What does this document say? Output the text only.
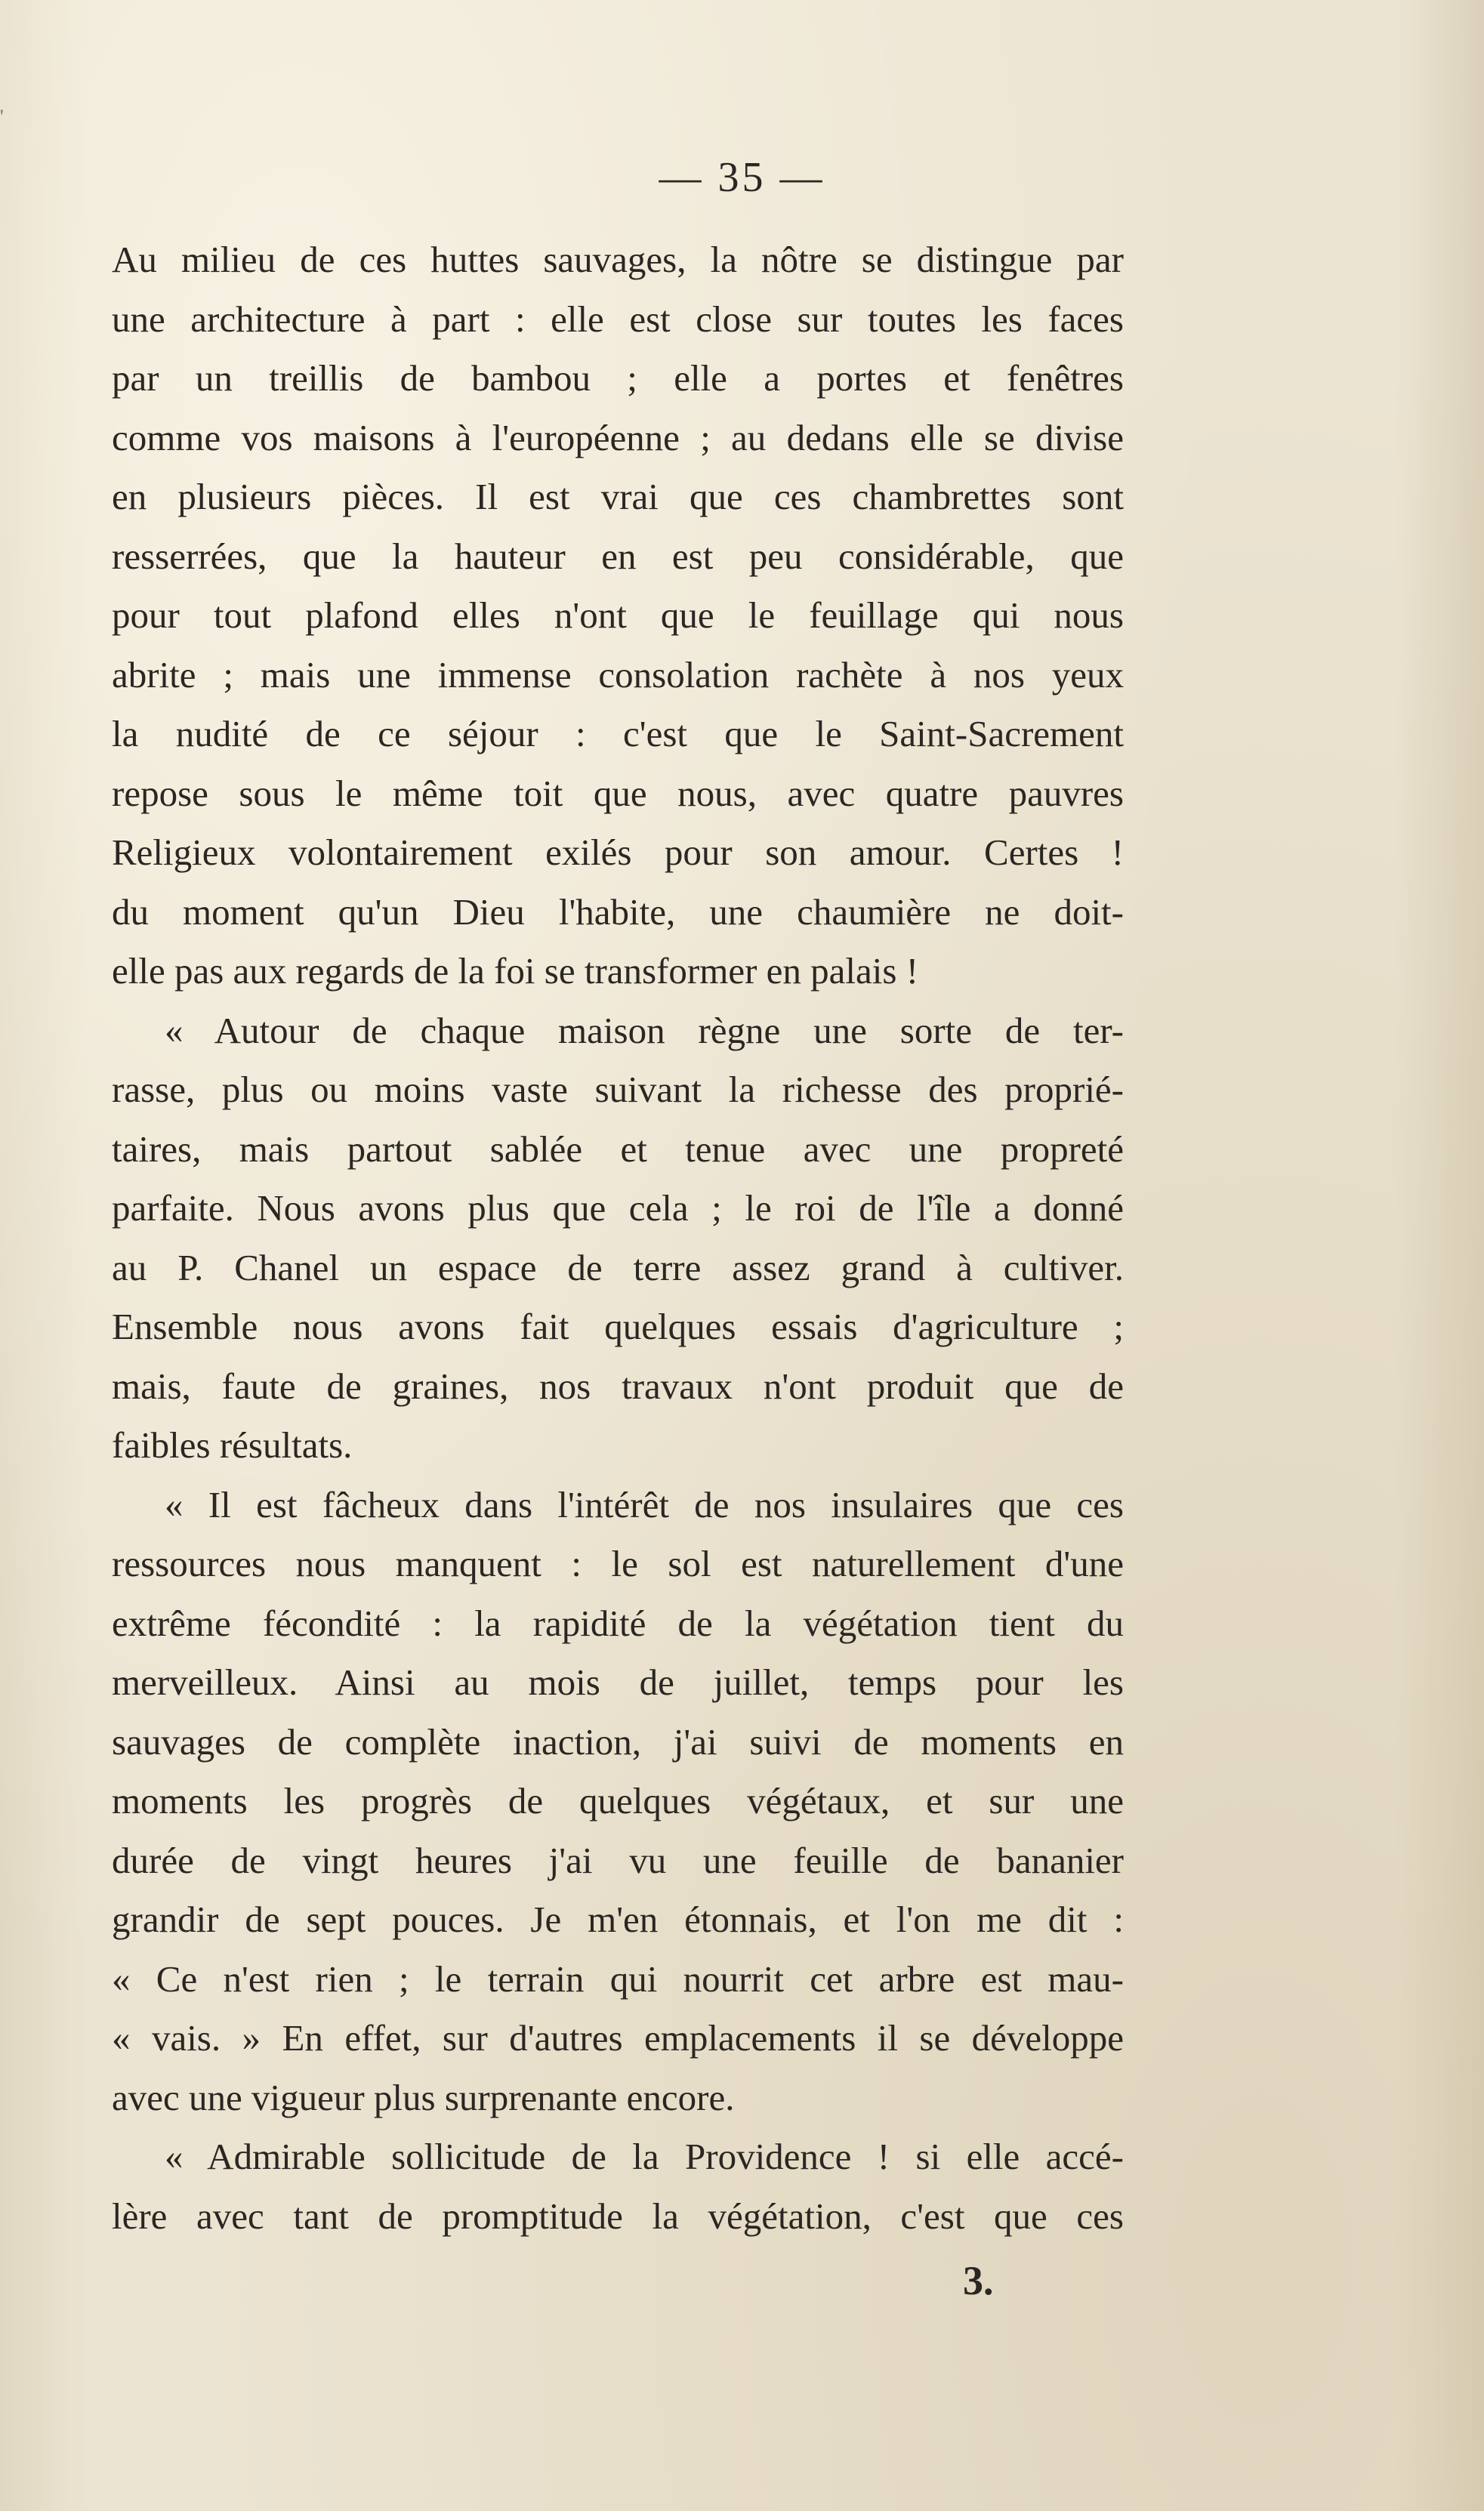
'
— 35 —
Au milieu de ces huttes sauvages, la nôtre se distingue par
une architecture à part : elle est close sur toutes les faces
par un treillis de bambou ; elle a portes et fenêtres
comme vos maisons à l'européenne ; au dedans elle se divise
en plusieurs pièces. Il est vrai que ces chambrettes sont
resserrées, que la hauteur en est peu considérable, que
pour tout plafond elles n'ont que le feuillage qui nous
abrite ; mais une immense consolation rachète à nos yeux
la nudité de ce séjour : c'est que le Saint-Sacrement
repose sous le même toit que nous, avec quatre pauvres
Religieux volontairement exilés pour son amour. Certes !
du moment qu'un Dieu l'habite, une chaumière ne doit-
elle pas aux regards de la foi se transformer en palais !
« Autour de chaque maison règne une sorte de ter-
rasse, plus ou moins vaste suivant la richesse des proprié-
taires, mais partout sablée et tenue avec une propreté
parfaite. Nous avons plus que cela ; le roi de l'île a donné
au P. Chanel un espace de terre assez grand à cultiver.
Ensemble nous avons fait quelques essais d'agriculture ;
mais, faute de graines, nos travaux n'ont produit que de
faibles résultats.
« Il est fâcheux dans l'intérêt de nos insulaires que ces
ressources nous manquent : le sol est naturellement d'une
extrême fécondité : la rapidité de la végétation tient du
merveilleux. Ainsi au mois de juillet, temps pour les
sauvages de complète inaction, j'ai suivi de moments en
moments les progrès de quelques végétaux, et sur une
durée de vingt heures j'ai vu une feuille de bananier
grandir de sept pouces. Je m'en étonnais, et l'on me dit :
« Ce n'est rien ; le terrain qui nourrit cet arbre est mau-
« vais. » En effet, sur d'autres emplacements il se développe
avec une vigueur plus surprenante encore.
« Admirable sollicitude de la Providence ! si elle accé-
lère avec tant de promptitude la végétation, c'est que ces
3.
